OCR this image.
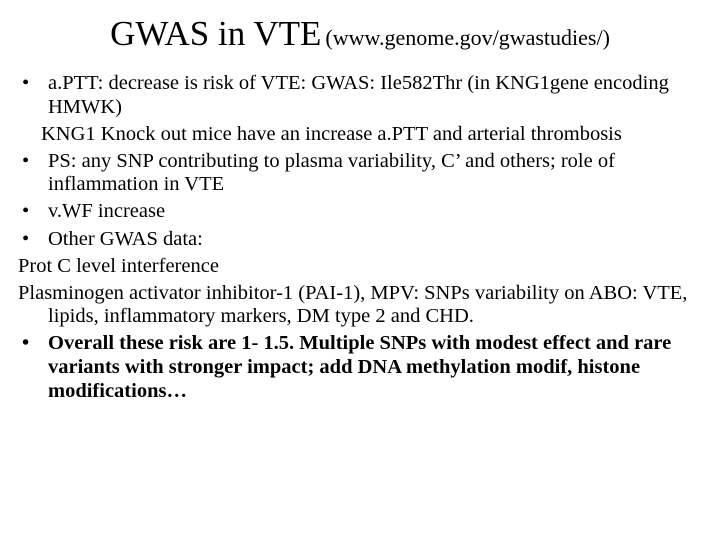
GWAS in VTE (www.genome.gov/gwastudies/)
• a.PTT: decrease is risk of VTE: GWAS: Ile582Thr (in KNG1gene encoding HMWK)
KNG1 Knock out mice have an increase a.PTT and arterial thrombosis
• PS: any SNP contributing to plasma variability, C’ and others; role of inflammation in VTE
• v.WF increase
• Other GWAS data:
Prot C level interference
Plasminogen activator inhibitor-1 (PAI-1), MPV: SNPs variability on ABO: VTE, lipids, inflammatory markers, DM type 2 and CHD.
• Overall these risk are 1- 1.5. Multiple SNPs with modest effect and rare variants with stronger impact; add DNA methylation modif, histone modifications…
